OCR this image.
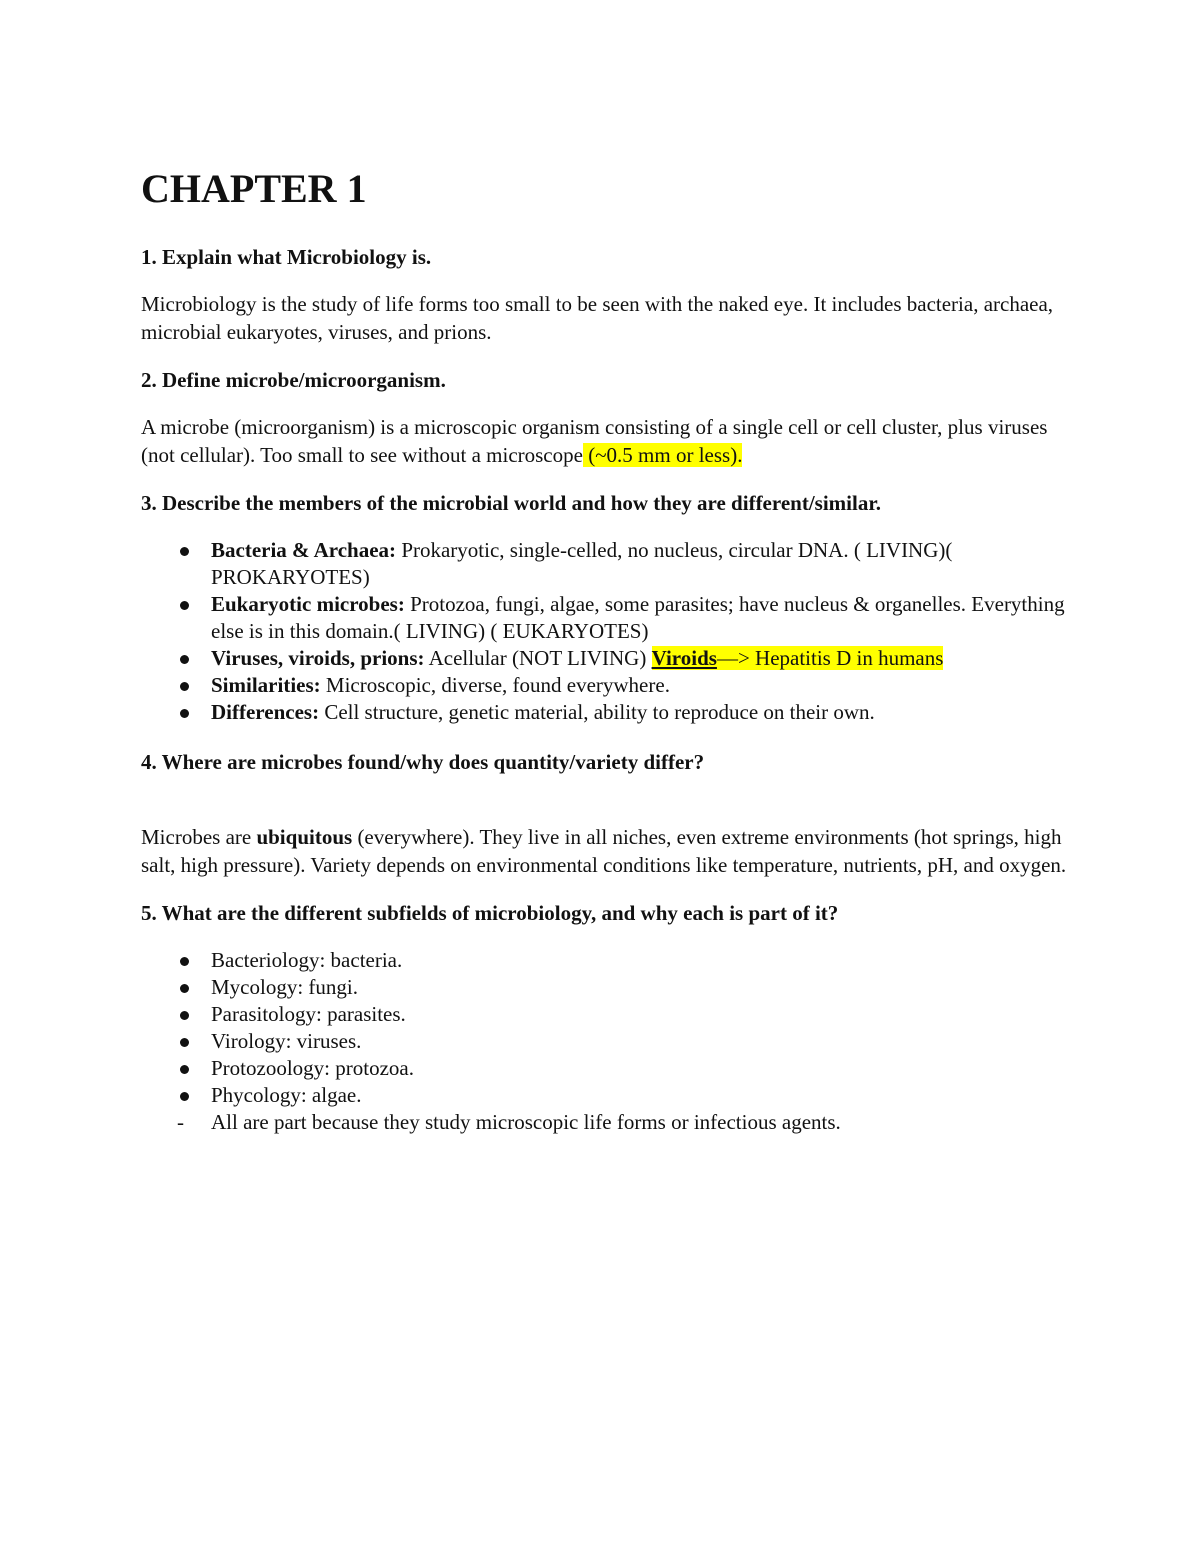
CHAPTER 1
1. Explain what Microbiology is.
Microbiology is the study of life forms too small to be seen with the naked eye. It includes bacteria, archaea, microbial eukaryotes, viruses, and prions.
2. Define microbe/microorganism.
A microbe (microorganism) is a microscopic organism consisting of a single cell or cell cluster, plus viruses (not cellular). Too small to see without a microscope (~0.5 mm or less).
3. Describe the members of the microbial world and how they are different/similar.
Bacteria & Archaea: Prokaryotic, single-celled, no nucleus, circular DNA. ( LIVING)( PROKARYOTES)
Eukaryotic microbes: Protozoa, fungi, algae, some parasites; have nucleus & organelles. Everything else is in this domain.( LIVING) ( EUKARYOTES)
Viruses, viroids, prions: Acellular (NOT LIVING) Viroids—> Hepatitis D in humans
Similarities: Microscopic, diverse, found everywhere.
Differences: Cell structure, genetic material, ability to reproduce on their own.
4. Where are microbes found/why does quantity/variety differ?
Microbes are ubiquitous (everywhere). They live in all niches, even extreme environments (hot springs, high salt, high pressure). Variety depends on environmental conditions like temperature, nutrients, pH, and oxygen.
5. What are the different subfields of microbiology, and why each is part of it?
Bacteriology: bacteria.
Mycology: fungi.
Parasitology: parasites.
Virology: viruses.
Protozoology: protozoa.
Phycology: algae.
- All are part because they study microscopic life forms or infectious agents.
